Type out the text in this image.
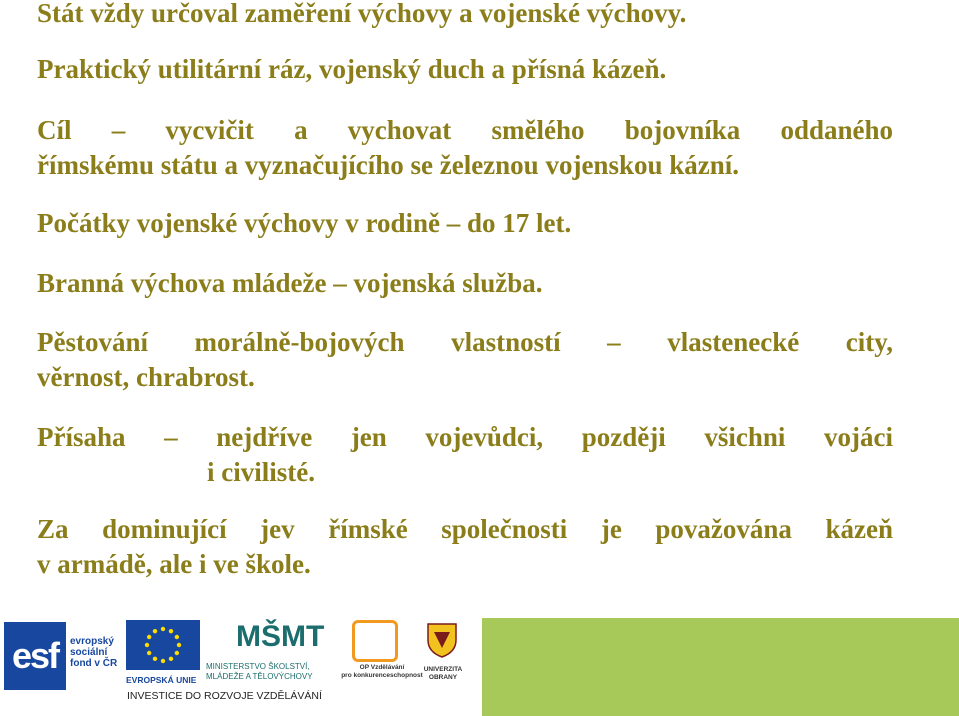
Stát vždy určoval zaměření výchovy a vojenské výchovy.

Praktický utilitární ráz, vojenský duch a přísná kázeň.

Cíl – vycvičit a vychovat smělého bojovníka oddaného
římskému státu a vyznačujícího se železnou vojenskou kázní.

Počátky vojenské výchovy v rodině – do 17 let.

Branná výchova mládeže – vojenská služba.

Pěstování morálně-bojových vlastností – vlastenecké city,
věrnost, chrabrost.

Přísaha – nejdříve jen vojevůdci, později všichni vojáci
i civilisté.

Za dominující jev římské společnosti je považována kázeň
v armádě, ale i ve škole.

esf	evropský
sociální
fond v ČR
EVROPSKÁ UNIE
MŠMT
MINISTERSTVO ŠKOLSTVÍ,
MLÁDEŽE A TĚLOVÝCHOVY
OP Vzdělávání
pro konkurenceschopnost
UNIVERZITA
OBRANY
INVESTICE DO ROZVOJE VZDĚLÁVÁNÍ
